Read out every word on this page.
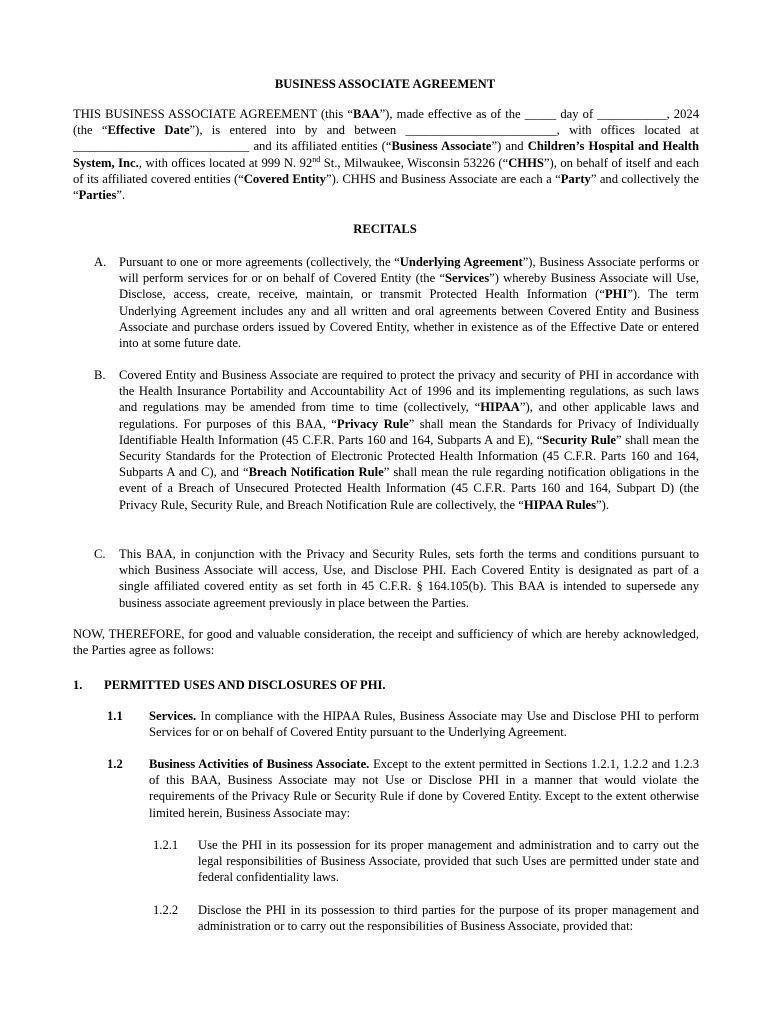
BUSINESS ASSOCIATE AGREEMENT
THIS BUSINESS ASSOCIATE AGREEMENT (this “BAA”), made effective as of the _____ day of ___________, 2024 (the “Effective Date”), is entered into by and between ________________________, with offices located at ____________________________ and its affiliated entities (“Business Associate”) and Children’s Hospital and Health System, Inc., with offices located at 999 N. 92nd St., Milwaukee, Wisconsin 53226 (“CHHS”), on behalf of itself and each of its affiliated covered entities (“Covered Entity”). CHHS and Business Associate are each a “Party” and collectively the “Parties”.
RECITALS
A. Pursuant to one or more agreements (collectively, the “Underlying Agreement”), Business Associate performs or will perform services for or on behalf of Covered Entity (the “Services”) whereby Business Associate will Use, Disclose, access, create, receive, maintain, or transmit Protected Health Information (“PHI”). The term Underlying Agreement includes any and all written and oral agreements between Covered Entity and Business Associate and purchase orders issued by Covered Entity, whether in existence as of the Effective Date or entered into at some future date.
B. Covered Entity and Business Associate are required to protect the privacy and security of PHI in accordance with the Health Insurance Portability and Accountability Act of 1996 and its implementing regulations, as such laws and regulations may be amended from time to time (collectively, “HIPAA”), and other applicable laws and regulations. For purposes of this BAA, “Privacy Rule” shall mean the Standards for Privacy of Individually Identifiable Health Information (45 C.F.R. Parts 160 and 164, Subparts A and E), “Security Rule” shall mean the Security Standards for the Protection of Electronic Protected Health Information (45 C.F.R. Parts 160 and 164, Subparts A and C), and “Breach Notification Rule” shall mean the rule regarding notification obligations in the event of a Breach of Unsecured Protected Health Information (45 C.F.R. Parts 160 and 164, Subpart D) (the Privacy Rule, Security Rule, and Breach Notification Rule are collectively, the “HIPAA Rules”).
C. This BAA, in conjunction with the Privacy and Security Rules, sets forth the terms and conditions pursuant to which Business Associate will access, Use, and Disclose PHI. Each Covered Entity is designated as part of a single affiliated covered entity as set forth in 45 C.F.R. § 164.105(b). This BAA is intended to supersede any business associate agreement previously in place between the Parties.
NOW, THEREFORE, for good and valuable consideration, the receipt and sufficiency of which are hereby acknowledged, the Parties agree as follows:
1. PERMITTED USES AND DISCLOSURES OF PHI.
1.1 Services. In compliance with the HIPAA Rules, Business Associate may Use and Disclose PHI to perform Services for or on behalf of Covered Entity pursuant to the Underlying Agreement.
1.2 Business Activities of Business Associate. Except to the extent permitted in Sections 1.2.1, 1.2.2 and 1.2.3 of this BAA, Business Associate may not Use or Disclose PHI in a manner that would violate the requirements of the Privacy Rule or Security Rule if done by Covered Entity. Except to the extent otherwise limited herein, Business Associate may:
1.2.1 Use the PHI in its possession for its proper management and administration and to carry out the legal responsibilities of Business Associate, provided that such Uses are permitted under state and federal confidentiality laws.
1.2.2 Disclose the PHI in its possession to third parties for the purpose of its proper management and administration or to carry out the responsibilities of Business Associate, provided that:
